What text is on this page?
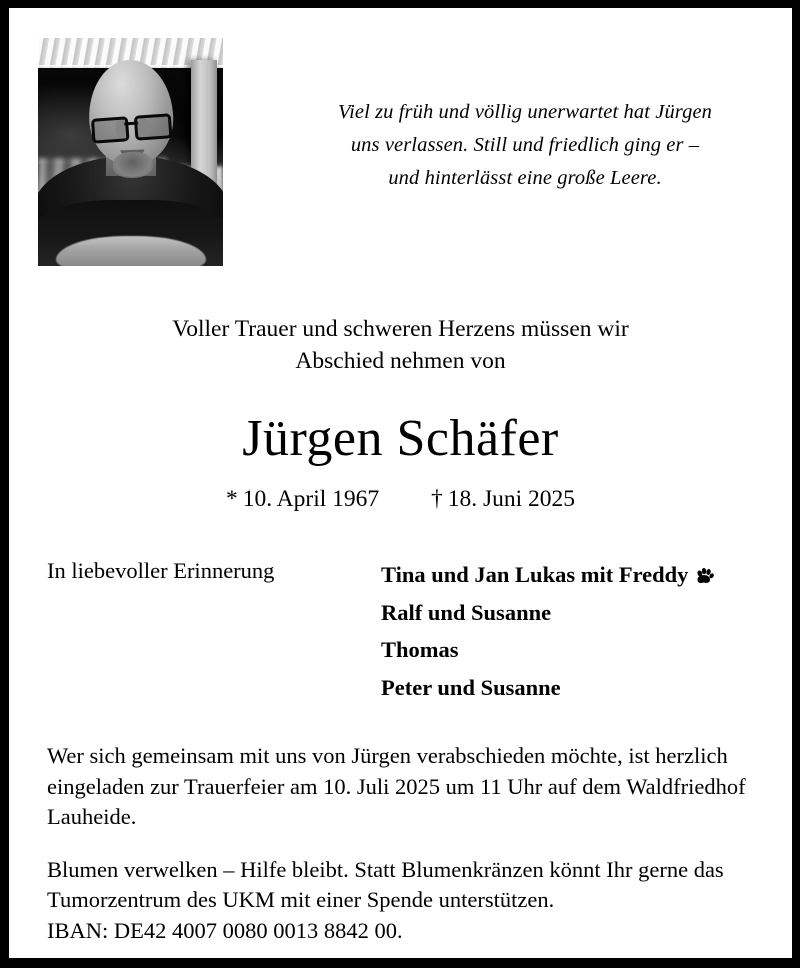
Viel zu früh und völlig unerwartet hat Jürgen
uns verlassen. Still und friedlich ging er –
und hinterlässt eine große Leere.
Voller Trauer und schweren Herzens müssen wir
Abschied nehmen von
Jürgen Schäfer
* 10. April 1967 † 18. Juni 2025
In liebevoller Erinnerung	Tina und Jan Lukas mit Freddy
Ralf und Susanne
Thomas
Peter und Susanne

Wer sich gemeinsam mit uns von Jürgen verabschieden möchte, ist herzlich eingeladen zur Trauerfeier am 10. Juli 2025 um 11 Uhr auf dem Waldfriedhof Lauheide.

Blumen verwelken – Hilfe bleibt. Statt Blumenkränzen könnt Ihr gerne das Tumorzentrum des UKM mit einer Spende unterstützen. IBAN: DE42 4007 0080 0013 8842 00.
